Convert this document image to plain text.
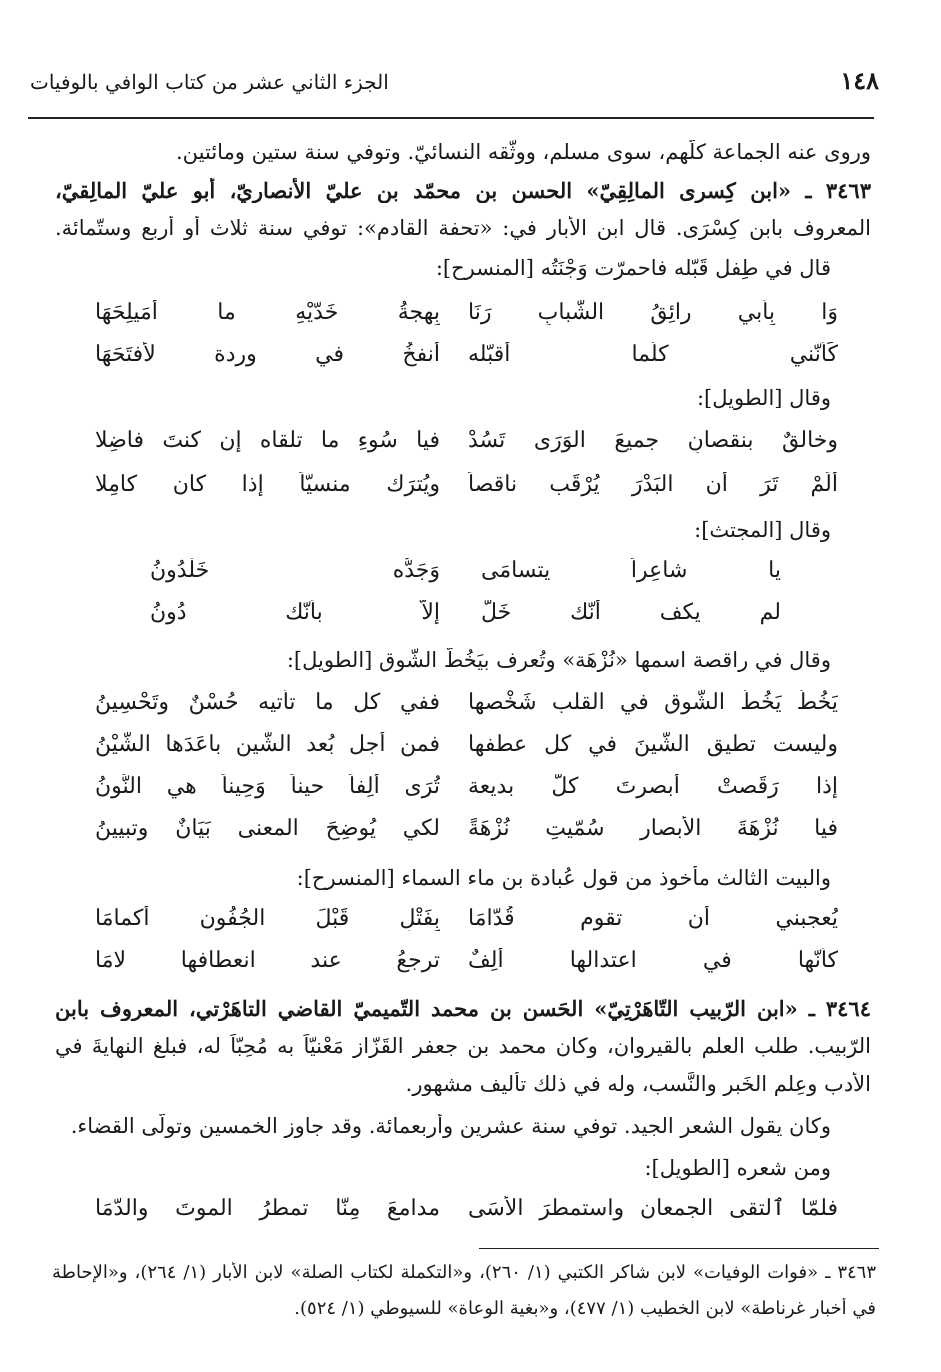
١٤٨
الجزء الثاني عشر من كتاب الوافي بالوفيات
وروى عنه الجماعة كلّهم، سوى مسلم، ووثّقه النسائيّ. وتوفي سنة ستين ومائتين.
٣٤٦٣ ـ «ابن كِسرى المالِقِيّ» الحسن بن محمّد بن عليّ الأنصاريّ، أبو عليّ المالِقيّ،
المعروف بابن كِسْرَى. قال ابن الأبار في: «تحفة القادم»: توفي سنة ثلاث أو أربع وستّمائة.
قال في طِفل قَبّله فاحمرّت وَجْنَتُه [المنسرح]:
وَا بِأَبي رائِقُ الشّبابِ رَنَا
بِهجةُ خَدّيْهِ ما أُمَيلِحَهَا
كَأنّني كلّما أُقبّله
أنفخُ في وردة لأفتَحَهَا
وقال [الطويل]:
وخالقٌ بنقصانٍ جميعَ الوَرَى تَسُدْ
فيا سُوءِ ما تلقاه إن كنتَ فاضِلا
أَلَمْ تَرَ أن البَدْرَ يُرْقَب ناقصاً
ويُترَك منسيّاً إذا كان كامِلا
وقال [المجتث]:
يا شاعِراً يتسامَى
وَجَدُّه خَلْدُونُ
لم يكف أنّك خَلٌّ
إلاّ بأنّك دُونُ
وقال في راقصة اسمها «نُزْهَة» وتُعرف بيَخُطُّ الشّوق [الطويل]:
يَخُطُّ يَخُطُّ الشّوق في القلب شَخْصها
ففي كل ما تأتيه حُسْنٌ وتَحْسِينُ
وليست تطيق الشّينَ في كل عطفها
فمن أجل بُعد الشّين باعَدَها الشّيْنُ
إذا رَقَصتْ أبصرتَ كلَّ بديعة
تُرَى أَلِفاً حيناً وَحِيناً هي النُّونُ
فيا نُزْهَةَ الأبصار سُمّيتِ نُزْهَةً
لكي يُوضِحَ المعنى بَيَانٌ وتبيينُ
والبيت الثالث مأخوذ من قول عُبادة بن ماء السماء [المنسرح]:
يُعجبني أن تقوم قُدّامَا
بِفَتْلِ قَبْلَ الجُفُون أكمامَا
كأنّها في اعتدالها أَلِفٌ
ترجعُ عند انعطافها لامَا
٣٤٦٤ ـ «ابن الرّبيب التّاهَرْتِيّ» الحَسن بن محمد التّميميّ القاضي التاهَرْتي، المعروف بابن
الرّبيب. طلب العلم بالقيروان، وكان محمد بن جعفر القَزّاز مَعْنيّاً به مُحِبّاً له، فبلغ النهايةَ في
الأدب وعِلم الخَبر والنَّسب، وله في ذلك تأليف مشهور.
وكان يقول الشعر الجيد. توفي سنة عشرين وأربعمائة. وقد جاوز الخمسين وتولّى القضاء.
ومن شعره [الطويل]:
فلمّا ٱلتقى الجمعان واستمطرَ الأَسَى
مدامعَ مِنّا تمطرُ الموتَ والدّمَا
٣٤٦٣ ـ «فوات الوفيات» لابن شاكر الكتبي (١/ ٢٦٠)، و«التكملة لكتاب الصلة» لابن الأبار (١/ ٢٦٤)، و«الإحاطة
في أخبار غرناطة» لابن الخطيب (١/ ٤٧٧)، و«بغية الوعاة» للسيوطي (١/ ٥٢٤).
